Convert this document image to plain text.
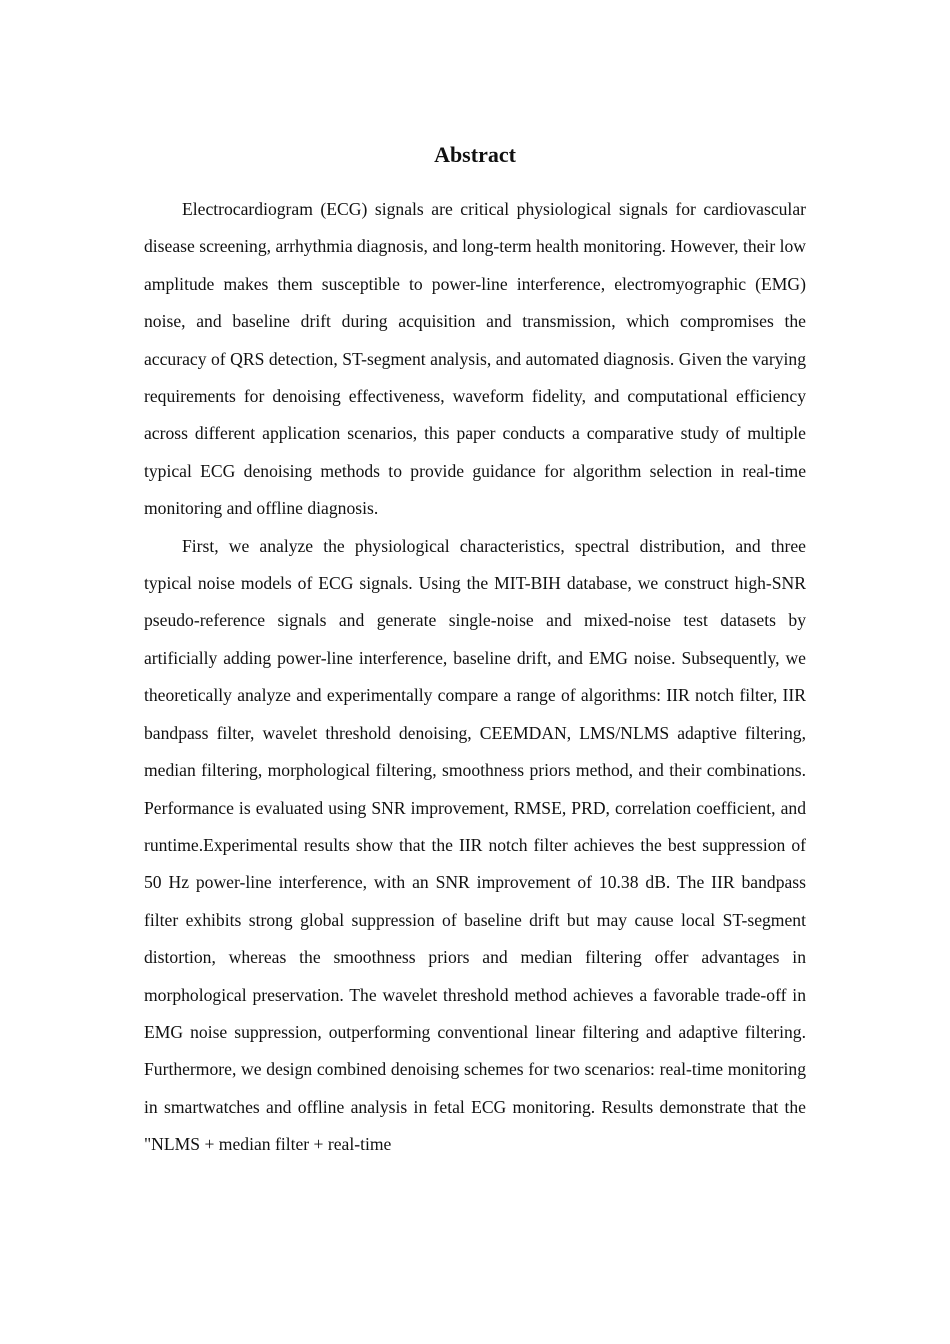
Abstract

Electrocardiogram (ECG) signals are critical physiological signals for cardiovascular disease screening, arrhythmia diagnosis, and long-term health monitoring. However, their low amplitude makes them susceptible to power-line interference, electromyographic (EMG) noise, and baseline drift during acquisition and transmission, which compromises the accuracy of QRS detection, ST-segment analysis, and automated diagnosis. Given the varying requirements for denoising effectiveness, waveform fidelity, and computational efficiency across different application scenarios, this paper conducts a comparative study of multiple typical ECG denoising methods to provide guidance for algorithm selection in real-time monitoring and offline diagnosis.

First, we analyze the physiological characteristics, spectral distribution, and three typical noise models of ECG signals. Using the MIT-BIH database, we construct high-SNR pseudo-reference signals and generate single-noise and mixed-noise test datasets by artificially adding power-line interference, baseline drift, and EMG noise. Subsequently, we theoretically analyze and experimentally compare a range of algorithms: IIR notch filter, IIR bandpass filter, wavelet threshold denoising, CEEMDAN, LMS/NLMS adaptive filtering, median filtering, morphological filtering, smoothness priors method, and their combinations. Performance is evaluated using SNR improvement, RMSE, PRD, correlation coefficient, and runtime.Experimental results show that the IIR notch filter achieves the best suppression of 50 Hz power-line interference, with an SNR improvement of 10.38 dB. The IIR bandpass filter exhibits strong global suppression of baseline drift but may cause local ST-segment distortion, whereas the smoothness priors and median filtering offer advantages in morphological preservation. The wavelet threshold method achieves a favorable trade-off in EMG noise suppression, outperforming conventional linear filtering and adaptive filtering. Furthermore, we design combined denoising schemes for two scenarios: real-time monitoring in smartwatches and offline analysis in fetal ECG monitoring. Results demonstrate that the "NLMS + median filter + real-time
